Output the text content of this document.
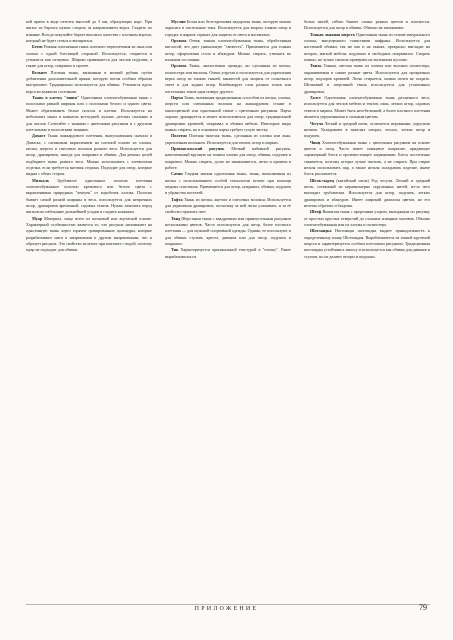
кой прием в виде петелек высотой до 3 мм, образующих ворс. При шитье из бархата нужно следить за направлением ворса. Гладить по изнанке. Всегда покупайте бархат высокого качества с плотным ворсом, который не будет сечься и вытираться.

Бетиз Рожная плотненная ткань плотного переплетения из льна или хлопка с одной блестящей стороной. Используется, стирается и утюжится как ситцевых. Широко применяется для чехлов подушек, а также для штор, покрывал и прочее.

Вельвет Плотная ткань, вытканная в мелкий рубчик путём добавления дополнительной пряжи, которую потом особым образом выстригают. Традиционно используется для обивки. Утюжится вдоль ворса во влажном состоянии.

Ткань в клетку "виши" Однотонная хлопчатобумажная ткань с полосками равной ширины или с полосками белого и одного цвета. Может образовывать белые полосы и клетки. Используется на небольших окнах в комнатах коттеджей, кухнях, детских спальнях и для чехлов. Сочетайте с тканями с цветочным рисунком и с другими клетчатыми и полосатыми тканями.

Дамаст Ткань жаккардового плетения, выпускавшаяся сначала в Дамаске, с сатиновым вкраплением на плотной основе из хлопка, шелка, шерсти и смесовых волокон разного веса. Используется для штор, драпировок, иногда для покрывал и обивки. Для речных целей подбирают ткань разного веса. Можно использовать с элементами отделки, если требуется матовая сторона. Подходит для штор, которые видны с обеих сторон.

Миткаль Грубоватое однотонное полотно плетения хлопчатобумажное полотно кремового или белого цвета с вкраплениями природных "чешуек" от коробочек хлопка. Полотно бывает самой разной ширины и веса, используется для непрочных штор, драпировок временной, садовых тентов. Нужно замочить перед шитьем во избежание дальнейшей усадки и гладить влажным.

Муар Материал, чаще всего из шелковой или ацетатной основе. Характерной особенностью является то, что рисунок напоминает на однотонную ткань через горячие гравированные цилиндры, которые разрабатывают нити в направлении к другим направлениям, что и образует рисунок. Это свойство исчезает при контакте с водой, поэтому муар не подходит для обивки.

Муслин Белая или бело-кремовая недорогая ткань, которую можно окрасить в пастельные тона. Используется для вторых тонких штор в городах и жарких странах для защиты от света и насекомых.

Органза Очень тонкая хлопчатобумажная ткань, обработанная кислотой, что дает уникальную "свежесть". Применяется для тонких штор, оформления стола и абажуров. Можно стирать, утюжить во влажном состоянии.

Органза Ткань, аналогичная органди, но сделанная из шелка, полиэстера или вискозы. Очень упругая и используется для укрепления верха штор из тонких тканей, занавесей для защиты от солнечного света и для задних штор. Комбинирует слои разных тонов или пастельных тонов одна поверх другого.

Парча Ткань, вытканная традиционным способом из шелка, хлопка, шерсти или смешанных волокон на жаккардовом станке в многоцветной или однотонной гамме с цветочным рисунком. Парча хорошо драпируется и может использоваться для штор, традиционной драпировки кроватей, покрывал и обивки мебели. Некоторые виды можно стирать, но в основном парча требует сухую чистку.

Полотно Плотная тяжелая ткань, сделанная из хлопка или льна, укрепленная волокном. Используется для тентов, штор и маркиз.

Провансальский рисунок Мелкий набивной рисунок, напечатанный вручную на тонком хлопке для штор, обивки, подушек и покрывал. Можно стирать, долго не изнашивается, легко и приятен в работе.

Сатин Гладкая мягкая однотонная ткань, ткань, выполненная из шелка с использованием особой технологии печати при помощи медных пластинок. Применяется для штор, покрывал, обивки, подушек и убранства постелей.

Тафта Ткань из шелка, ацетата и смесовых волокон. Используется для украшения драпировок, поскольку за ней легко ухаживать, и за её свойство отражать свет.

Твид Шерстяная ткань с квадратным или прямоугольным рисунком несколькими цветов. Часто используется для штор, более плотного плетения — для мужской спортивной одежды. Однако, ее используют и для обивки стульев, кресел, диванов или для штор, подушек и покрывал.

Тик Характеризуется оригинальной текстурой в "елочку". Ранее вырабатывался из

белых нитей, сейчас бывает самых разных цветов и плотности. Используется для штор и обивки. Обычно не заказывают.

Тонкая льняная шерсть Однотонная ткань из основе натурального хлопка, выпущенного таинствами шафрана. Используется для настенной обивки, так же как и на тканях, прекрасно выглядит на шторах, мягкой мебели, подушках и свободных покрывалах. Стирать можно, но лучше сначала проверить на маленьком кусочке.

Твиль Тонкая, светлая ткань из хлопка или волокон полиэстера, окрашиваемая в самые разные цвета. Используется для прозрачных штор, подзоров кроватей. Легко стирается, можно почти не гладить. Шелковый и шерстяной твиль используется для утонченных драпировок.

Холст Однотонная хлопчатобумажная ткань различного веса, используется для чехлов мебели и тентов, окон, легких штор, садовых тентов и маркиз. Может быть неотбеленной, а более плотного плетения является упруженными к сильным цветам.

Чесуча Легкий и средний шелк, отличается неровными, упругими нитями. Укладывают в тяжелых шторах, чехлах, легких штор и подушек.

Чинц Хлопчатобумажная ткань с цветочным рисунком на основе цветов и птиц. Часто имеет глянцевое покрытие, придающее характерный блеск и противостоящее загрязнению. Блеск постепенно смывается, поэтому шторы лучше чистить, а не стирать. При стирке нельзя использовать пар, а также нельзя складывать изделие, иначе блеск рассыпается.

Шелк-сырец (китайский шелк) Род чесучи. Легкий и средний шелк, сотканный из неравномерно скрученных нитей, из-за чего выглядит грубоватым. Используется для штор, подушек, легких драпировок и абажуров. Имеет широкий диапазон цветов, но его нелегко обрезать и бахрома.

Штоф Вышитая ткань с прорезным узором, выходящим по рисунку от простых круглых отверстий до сложных изящных мотивов. Обычно хлопчатобумажная или из хлопка и полиэстера.

Шотландка Настоящая шотландка выдает принадлежность к определенному клану Шотландия. Вырабатывается из тонкой крученой шерсти и характеризуется особым клетчатым рисунком. Традиционная шотландка устойчива к износу и используется как обивка для диванов и стульев, но не делают шторы и подушки.

ПРИЛОЖЕНИЕ	79
